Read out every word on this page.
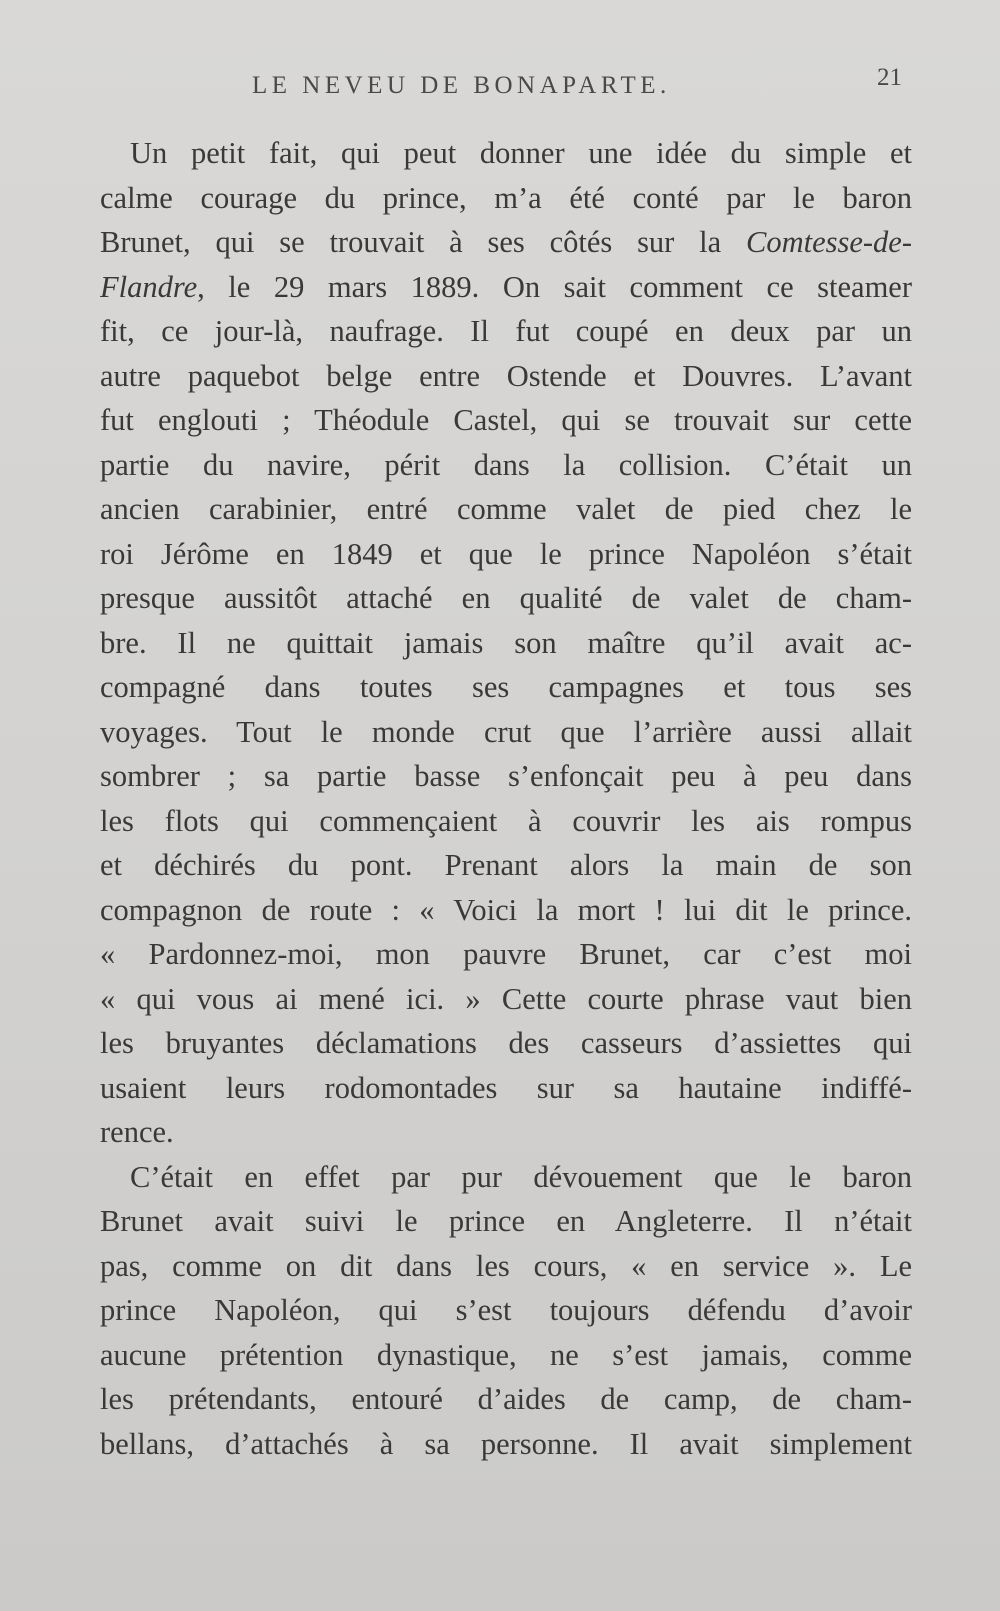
LE NEVEU DE BONAPARTE.	21
Un petit fait, qui peut donner une idée du simple et
calme courage du prince, m’a été conté par le baron
Brunet, qui se trouvait à ses côtés sur la Comtesse-de-
Flandre, le 29 mars 1889. On sait comment ce steamer
fit, ce jour-là, naufrage. Il fut coupé en deux par un
autre paquebot belge entre Ostende et Douvres. L’avant
fut englouti ; Théodule Castel, qui se trouvait sur cette
partie du navire, périt dans la collision. C’était un
ancien carabinier, entré comme valet de pied chez le
roi Jérôme en 1849 et que le prince Napoléon s’était
presque aussitôt attaché en qualité de valet de cham-
bre. Il ne quittait jamais son maître qu’il avait ac-
compagné dans toutes ses campagnes et tous ses
voyages. Tout le monde crut que l’arrière aussi allait
sombrer ; sa partie basse s’enfonçait peu à peu dans
les flots qui commençaient à couvrir les ais rompus
et déchirés du pont. Prenant alors la main de son
compagnon de route : « Voici la mort ! lui dit le prince.
« Pardonnez-moi, mon pauvre Brunet, car c’est moi
« qui vous ai mené ici. » Cette courte phrase vaut bien
les bruyantes déclamations des casseurs d’assiettes qui
usaient leurs rodomontades sur sa hautaine indiffé-
rence.
C’était en effet par pur dévouement que le baron
Brunet avait suivi le prince en Angleterre. Il n’était
pas, comme on dit dans les cours, « en service ». Le
prince Napoléon, qui s’est toujours défendu d’avoir
aucune prétention dynastique, ne s’est jamais, comme
les prétendants, entouré d’aides de camp, de cham-
bellans, d’attachés à sa personne. Il avait simplement
